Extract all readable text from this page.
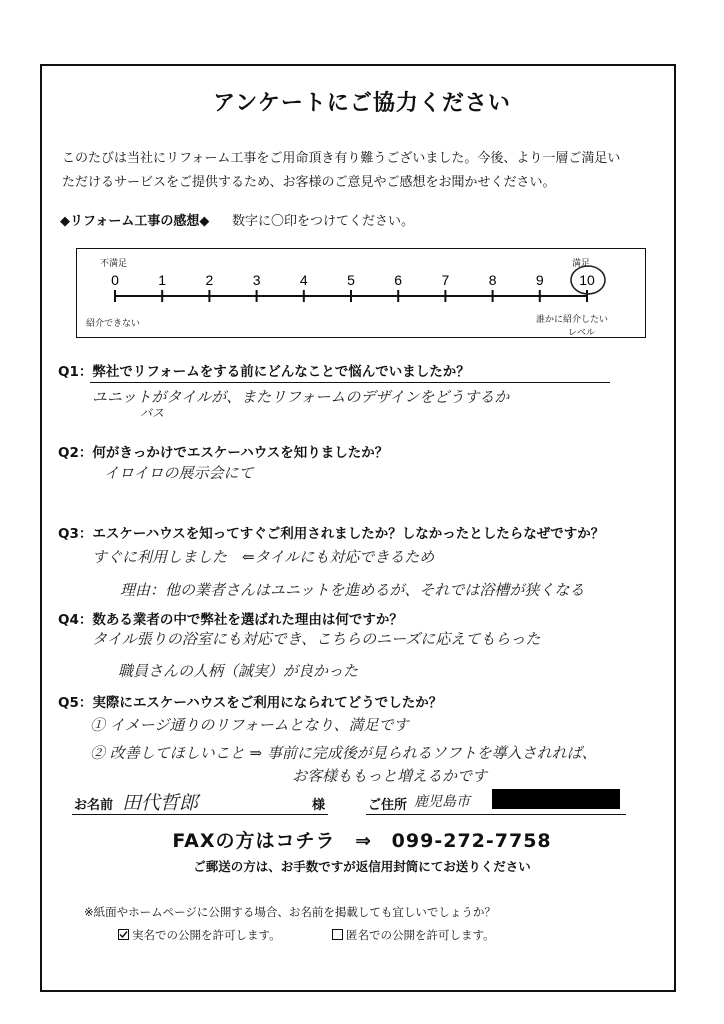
アンケートにご協力ください
このたびは当社にリフォーム工事をご用命頂き有り難うございました。今後、より一層ご満足い
ただけるサービスをご提供するため、お客様のご意見やご感想をお聞かせください。
◆リフォーム工事の感想◆ 数字に〇印をつけてください。
0	1	2	3	4	5	6	7	8	9	10
不満足
紹介できない
満足
誰かに紹介したい
レベル
Q1：弊社でリフォームをする前にどんなことで悩んでいましたか？
ユニットがタイルが、またリフォームのデザインをどうするか
バス
Q2：何がきっかけでエスケーハウスを知りましたか？
イロイロの展示会にて
Q3：エスケーハウスを知ってすぐご利用されましたか？しなかったとしたらなぜですか？
すぐに利用しました　⇐タイルにも対応できるため
理由：他の業者さんはユニットを進めるが、それでは浴槽が狭くなる
Q4：数ある業者の中で弊社を選ばれた理由は何ですか？
タイル張りの浴室にも対応でき、こちらのニーズに応えてもらった
職員さんの人柄（誠実）が良かった
Q5：実際にエスケーハウスをご利用になられてどうでしたか？
① イメージ通りのリフォームとなり、満足です
② 改善してほしいこと ⇒ 事前に完成後が見られるソフトを導入されれば、
お客様ももっと増えるかです
お名前 田代哲郎	様	ご住所 鹿児島市
FAXの方はコチラ ⇒ 099-272-7758
ご郵送の方は、お手数ですが返信用封筒にてお送りください
※紙面やホームページに公開する場合、お名前を掲載しても宜しいでしょうか？
実名での公開を許可します。	匿名での公開を許可します。
